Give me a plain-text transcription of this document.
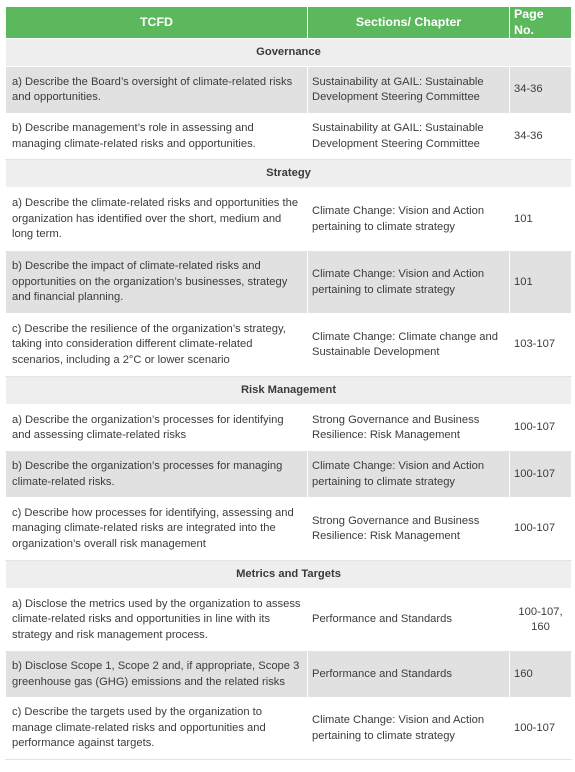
TCFD	Sections/ Chapter	Page No.
Governance		
a) Describe the Board’s oversight of climate-related risks and opportunities.	Sustainability at GAIL: Sustainable Development Steering Committee	34-36
b) Describe management’s role in assessing and managing climate-related risks and opportunities.	Sustainability at GAIL: Sustainable Development Steering Committee	34-36
Strategy		
a) Describe the climate-related risks and opportunities the organization has identified over the short, medium and long term.	Climate Change: Vision and Action pertaining to climate strategy	101
b) Describe the impact of climate-related risks and opportunities on the organization’s businesses, strategy and financial planning.	Climate Change: Vision and Action pertaining to climate strategy	101
c) Describe the resilience of the organization’s strategy, taking into consideration different climate-related scenarios, including a 2°C or lower scenario	Climate Change: Climate change and Sustainable Development	103-107
Risk Management		
a) Describe the organization’s processes for identifying and assessing climate-related risks	Strong Governance and Business Resilience: Risk Management	100-107
b) Describe the organization’s processes for managing climate-related risks.	Climate Change: Vision and Action pertaining to climate strategy	100-107
c) Describe how processes for identifying, assessing and managing climate-related risks are integrated into the organization’s overall risk management	Strong Governance and Business Resilience: Risk Management	100-107
Metrics and Targets		
a) Disclose the metrics used by the organization to assess climate-related risks and opportunities in line with its strategy and risk management process.	Performance and Standards	100-107, 160
b) Disclose Scope 1, Scope 2 and, if appropriate, Scope 3 greenhouse gas (GHG) emissions and the related risks	Performance and Standards	160
c) Describe the targets used by the organization to manage climate-related risks and opportunities and performance against targets.	Climate Change: Vision and Action pertaining to climate strategy	100-107
